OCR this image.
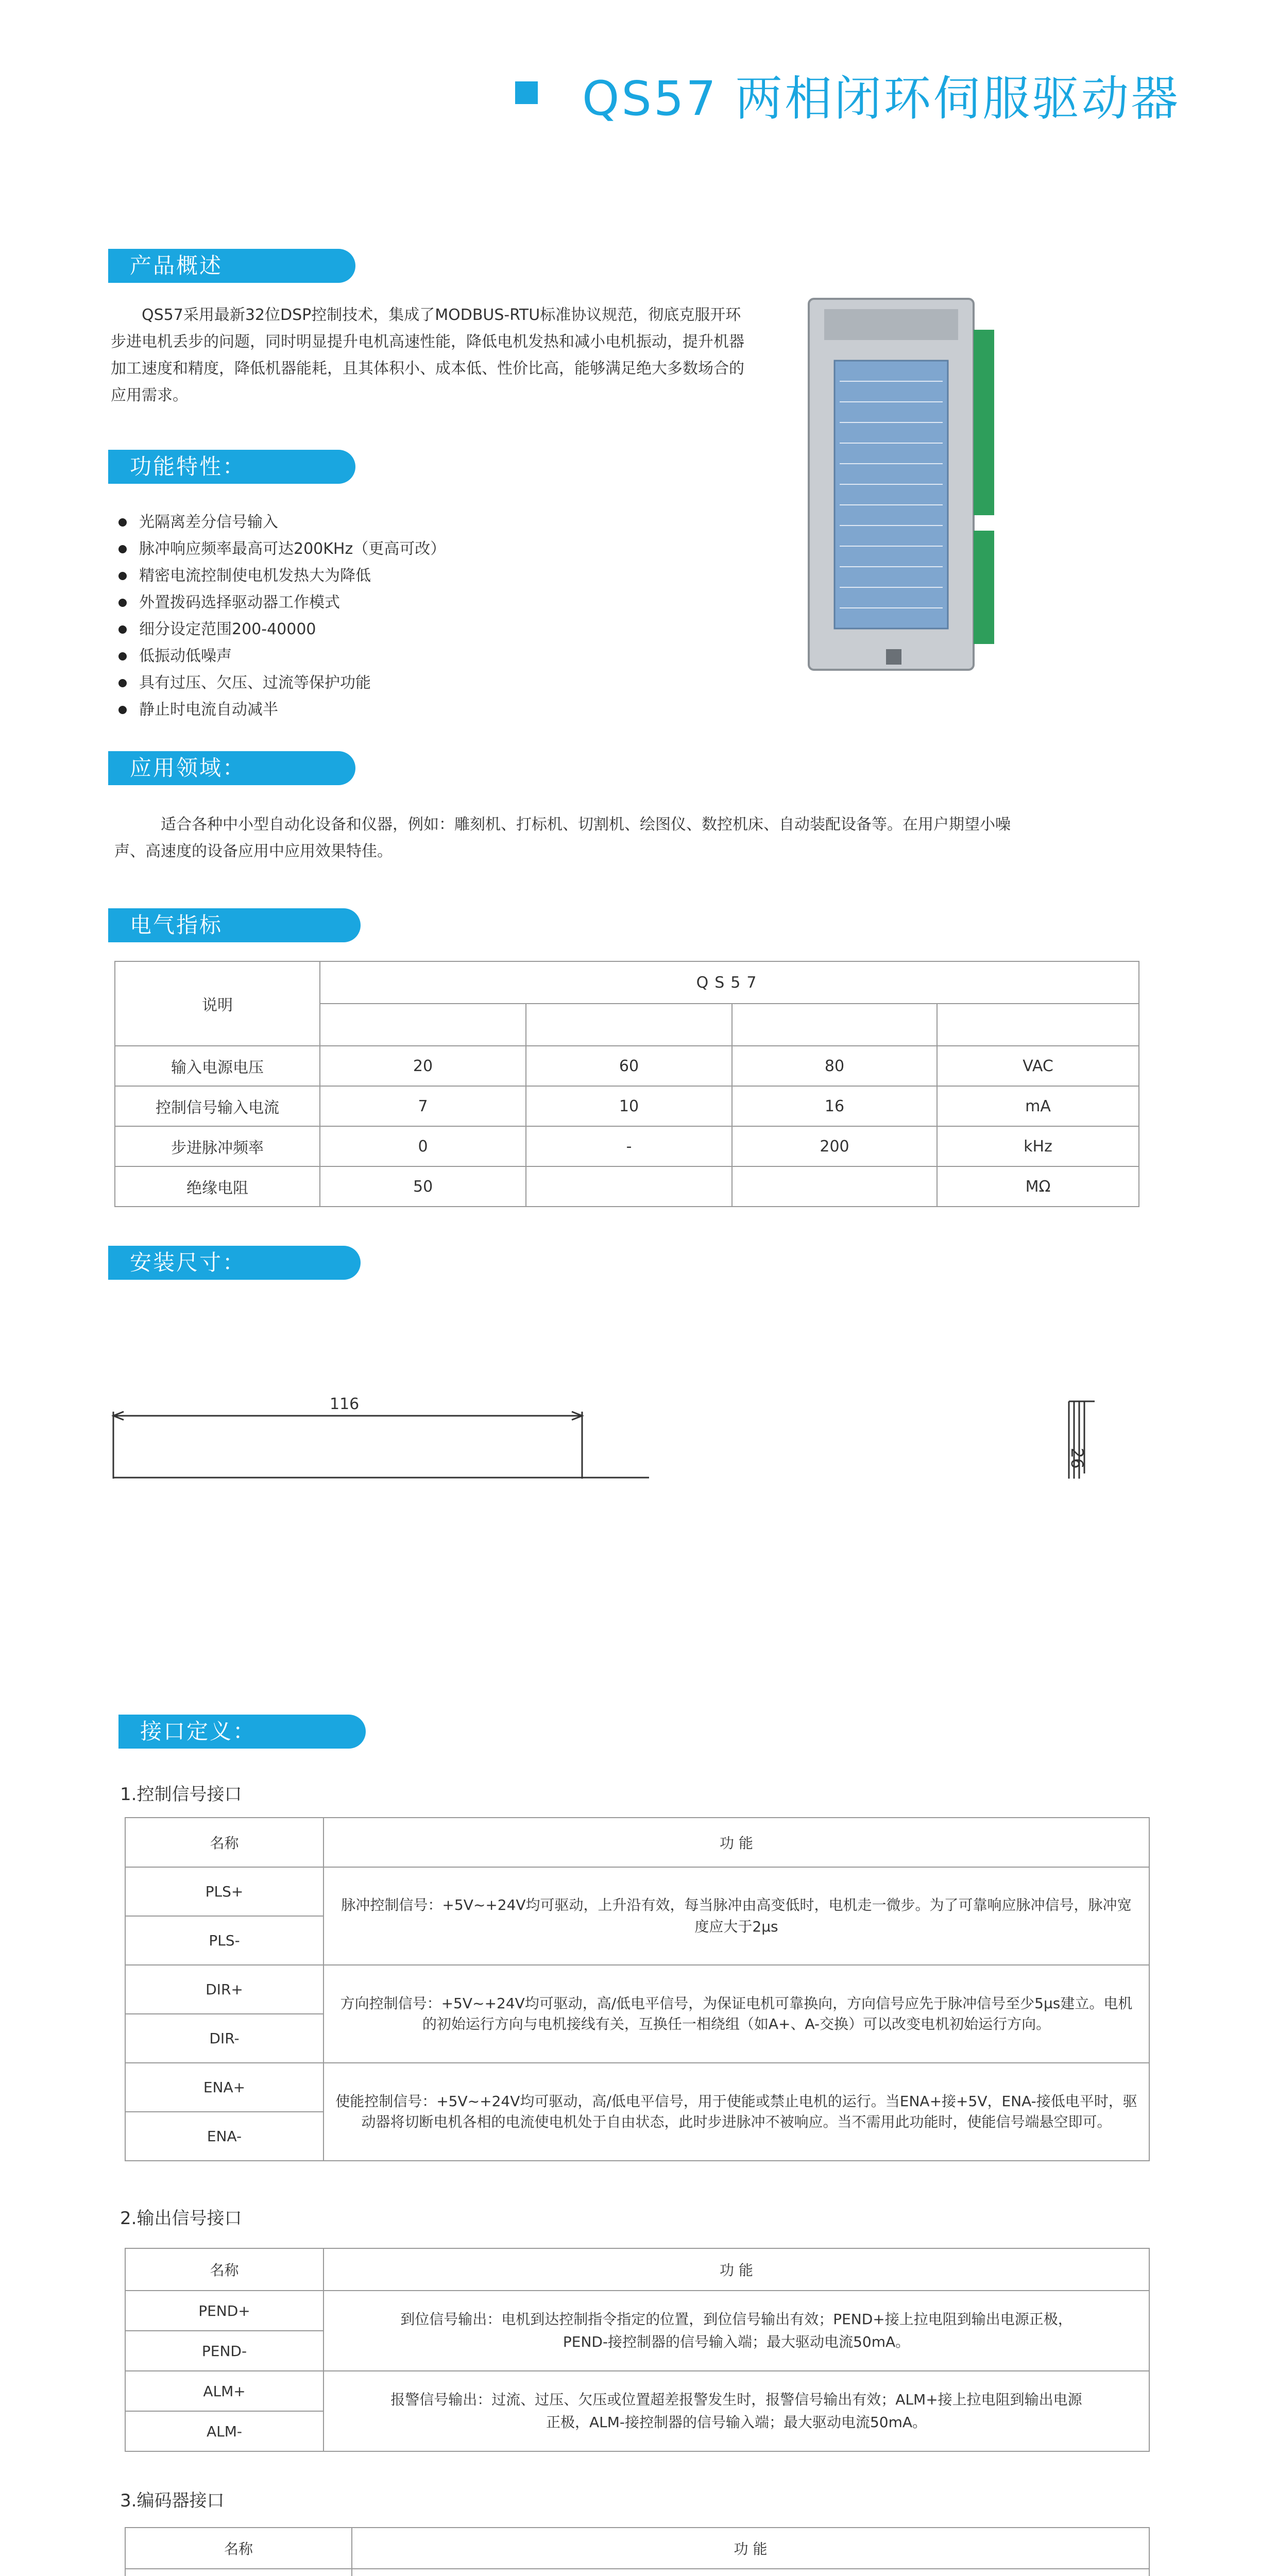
QS57 两相闭环伺服驱动器
产品概述
QS57采用最新32位DSP控制技术，集成了MODBUS-RTU标准协议规范，彻底克服开环步进电机丢步的问题，同时明显提升电机高速性能，降低电机发热和减小电机振动，提升机器加工速度和精度，降低机器能耗，且其体积小、成本低、性价比高，能够满足绝大多数场合的应用需求。
功能特性：
光隔离差分信号输入
脉冲响应频率最高可达200KHz（更高可改）
精密电流控制使电机发热大为降低
外置拨码选择驱动器工作模式
细分设定范围200-40000
低振动低噪声
具有过压、欠压、过流等保护功能
静止时电流自动减半
应用领域：
适合各种中小型自动化设备和仪器，例如：雕刻机、打标机、切割机、绘图仪、数控机床、自动装配设备等。在用户期望小噪声、高速度的设备应用中应用效果特佳。
电气指标
说明	QS57			

输入电源电压	20	60	80	VAC
控制信号输入电流	7	10	16	mA
步进脉冲频率	0	-	200	kHz
绝缘电阻	50			MΩ
安装尺寸：
116
26
接口定义：
1.控制信号接口
名称	功 能
PLS+	脉冲控制信号：+5V~+24V均可驱动，上升沿有效，每当脉冲由高变低时，电机走一微步。为了可靠响应脉冲信号，脉冲宽度应大于2μs
PLS-	
DIR+	方向控制信号：+5V~+24V均可驱动，高/低电平信号，为保证电机可靠换向，方向信号应先于脉冲信号至少5μs建立。电机的初始运行方向与电机接线有关，互换任一相绕组（如A+、A-交换）可以改变电机初始运行方向。
DIR-	
ENA+	使能控制信号：+5V~+24V均可驱动，高/低电平信号，用于使能或禁止电机的运行。当ENA+接+5V，ENA-接低电平时，驱动器将切断电机各相的电流使电机处于自由状态，此时步进脉冲不被响应。当不需用此功能时，使能信号端悬空即可。
ENA-	
2.输出信号接口
名称	功 能
PEND+	到位信号输出：电机到达控制指令指定的位置，到位信号输出有效；PEND+接上拉电阻到输出电源正极，PEND-接控制器的信号输入端；最大驱动电流50mA。
PEND-	
ALM+	报警信号输出：过流、过压、欠压或位置超差报警发生时，报警信号输出有效；ALM+接上拉电阻到输出电源正极，ALM-接控制器的信号输入端；最大驱动电流50mA。
ALM-	
3.编码器接口
名称	功 能
